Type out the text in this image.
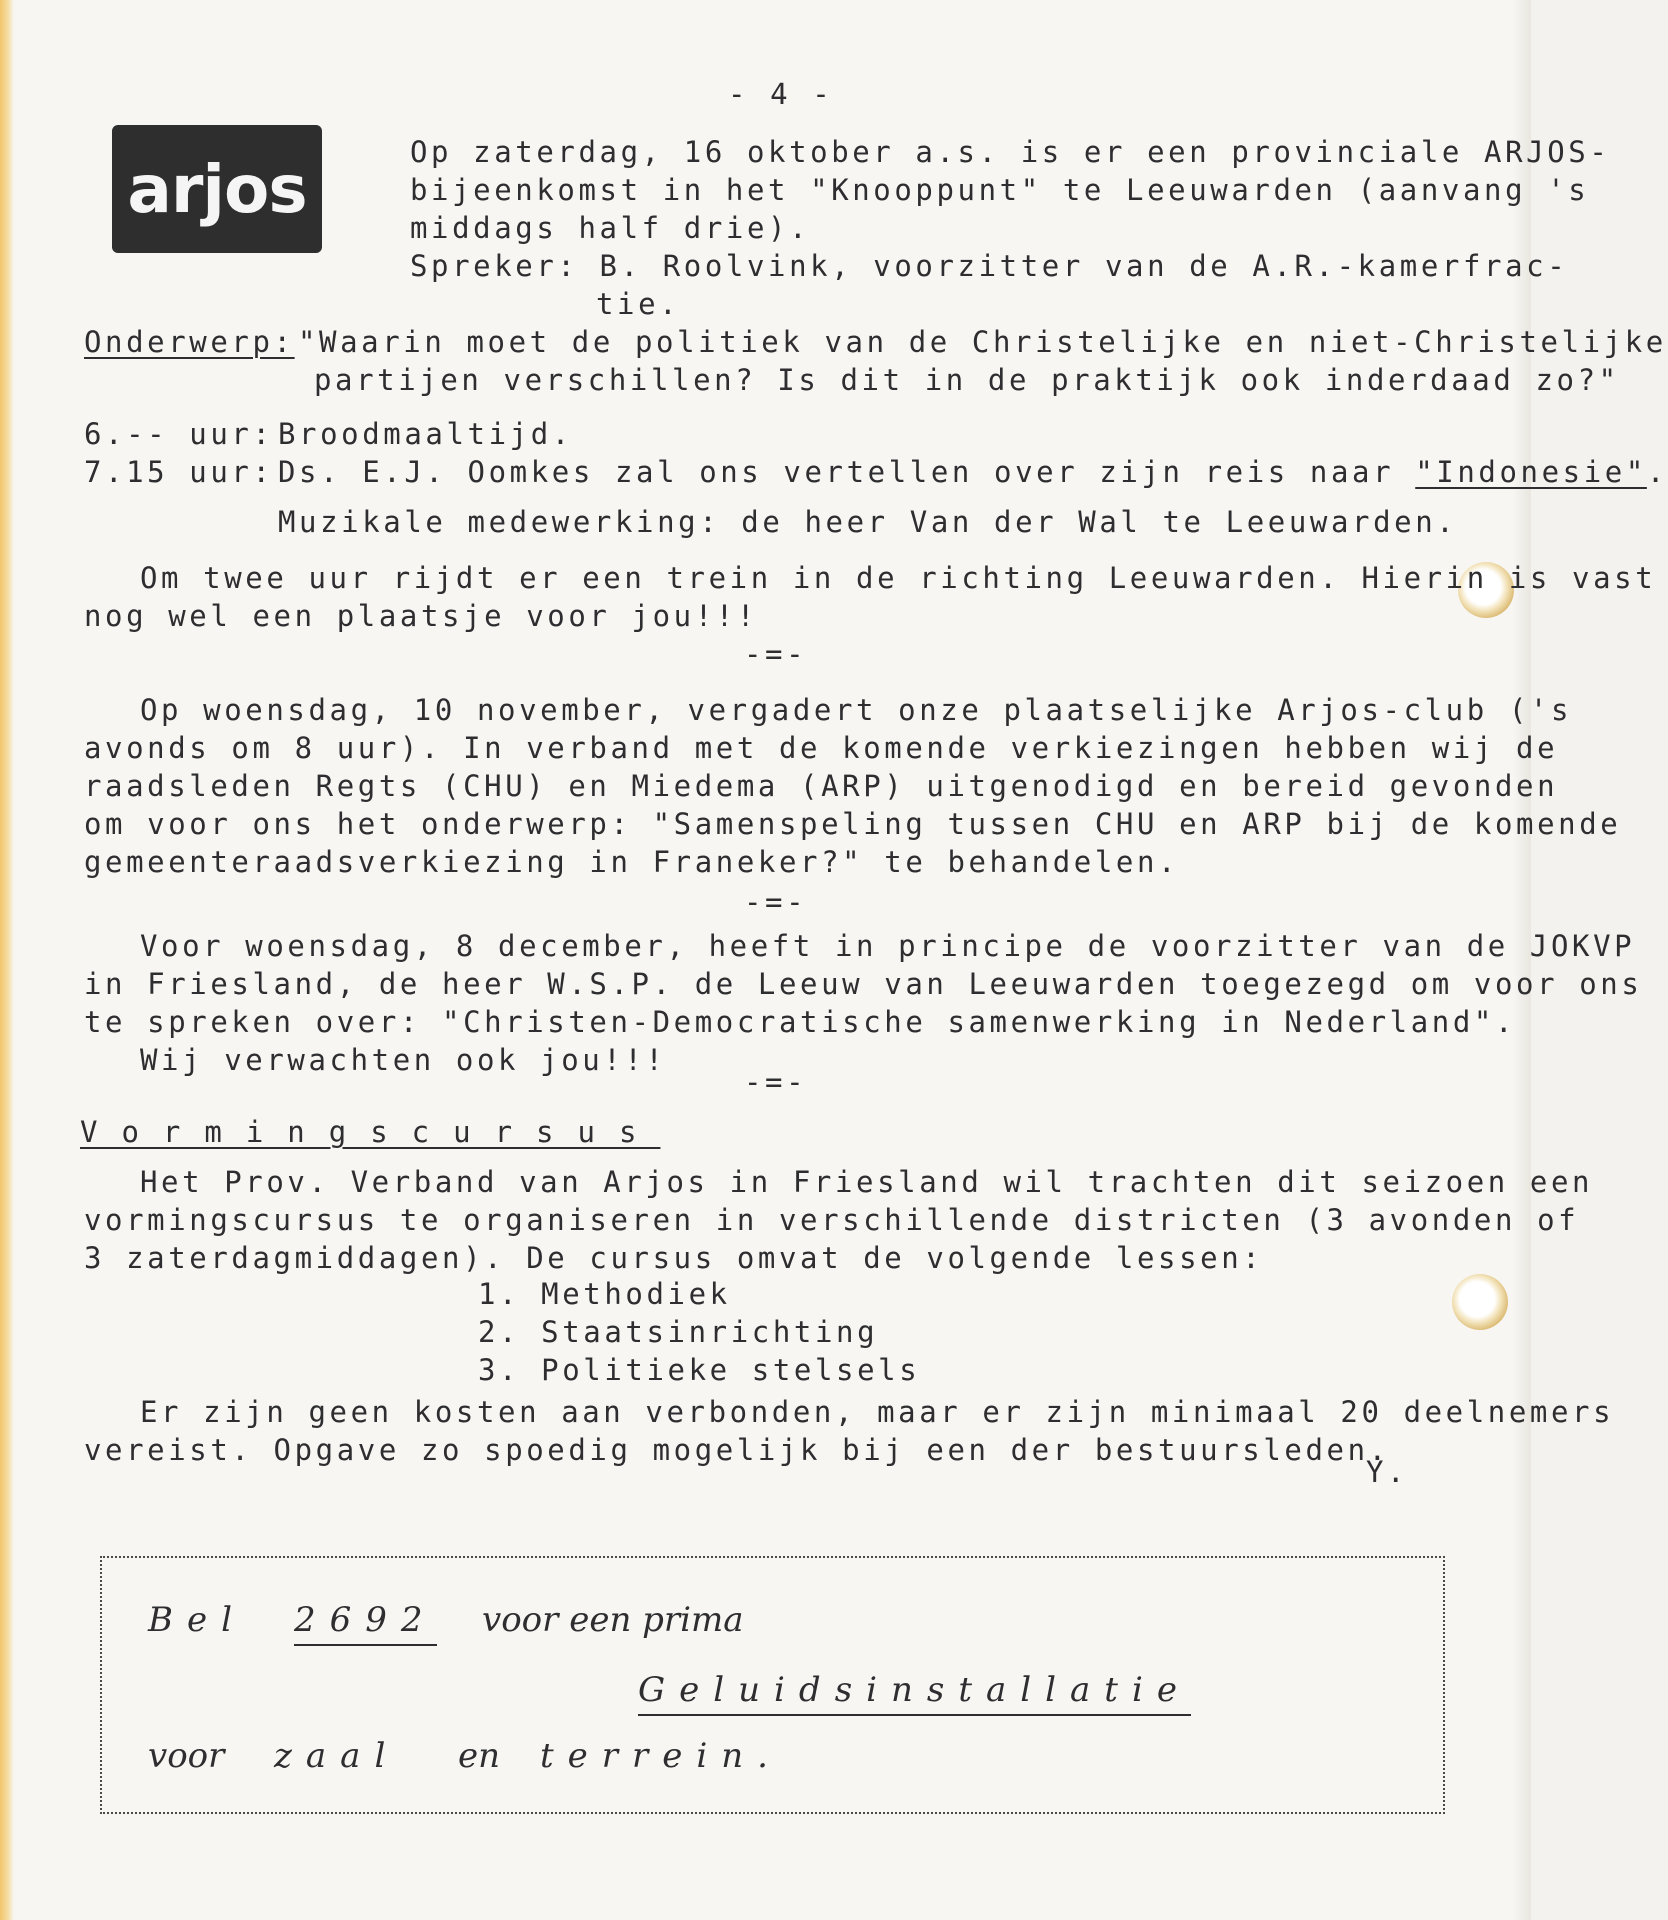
- 4 -

arjos	Op zaterdag, 16 oktober a.s. is er een provinciale ARJOS-

bijeenkomst in het "Knooppunt" te Leeuwarden (aanvang 's

middags half drie).

Spreker: B. Roolvink, voorzitter van de A.R.-kamerfrac-

tie.

Onderwerp: "Waarin moet de politiek van de Christelijke en niet-Christelijke

partijen verschillen? Is dit in de praktijk ook inderdaad zo?"

6.-- uur: Broodmaaltijd.

7.15 uur: Ds. E.J. Oomkes zal ons vertellen over zijn reis naar "Indonesie".

Muzikale medewerking: de heer Van der Wal te Leeuwarden.

Om twee uur rijdt er een trein in de richting Leeuwarden. Hierin is vast

nog wel een plaatsje voor jou!!!

-=-

Op woensdag, 10 november, vergadert onze plaatselijke Arjos-club ('s

avonds om 8 uur). In verband met de komende verkiezingen hebben wij de

raadsleden Regts (CHU) en Miedema (ARP) uitgenodigd en bereid gevonden

om voor ons het onderwerp: "Samenspeling tussen CHU en ARP bij de komende

gemeenteraadsverkiezing in Franeker?" te behandelen.

-=-

Voor woensdag, 8 december, heeft in principe de voorzitter van de JOKVP

in Friesland, de heer W.S.P. de Leeuw van Leeuwarden toegezegd om voor ons

te spreken over: "Christen-Democratische samenwerking in Nederland".

Wij verwachten ook jou!!!

-=-

Vormingscursus

Het Prov. Verband van Arjos in Friesland wil trachten dit seizoen een

vormingscursus te organiseren in verschillende districten (3 avonden of

3 zaterdagmiddagen). De cursus omvat de volgende lessen:

1. Methodiek

2. Staatsinrichting

3. Politieke stelsels

Er zijn geen kosten aan verbonden, maar er zijn minimaal 20 deelnemers

vereist. Opgave zo spoedig mogelijk bij een der bestuursleden.

Y.

Bel 2692 voor een prima

Geluidsinstallatie

voor zaal en terrein.
